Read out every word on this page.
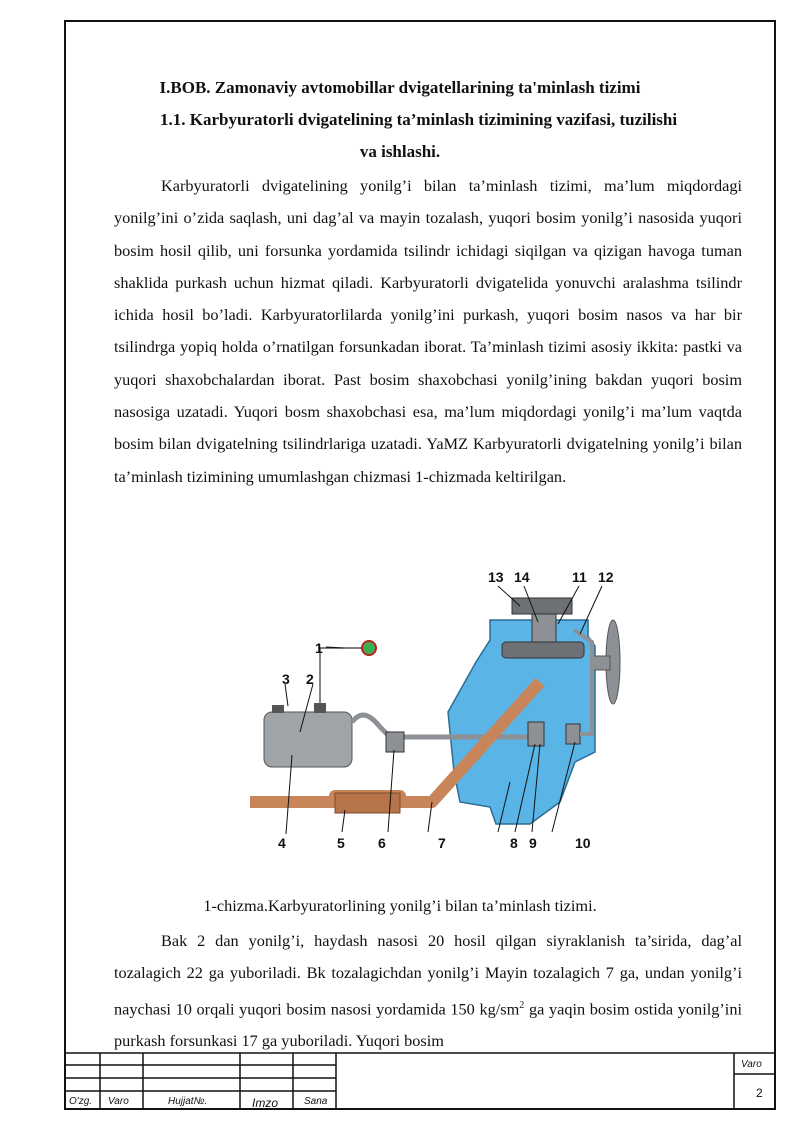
I.BOB. Zamonaviy avtomobillar dvigatellarining ta'minlash tizimi
1.1. Karbyuratorli dvigatelining ta’minlash tizimining vazifasi, tuzilishi
va ishlashi.

Karbyuratorli dvigatelining yonilg’i bilan ta’minlash tizimi, ma’lum miqdordagi yonilg’ini o’zida saqlash, uni dag’al va mayin tozalash, yuqori bosim yonilg’i nasosida yuqori bosim hosil qilib, uni forsunka yordamida tsilindr ichidagi siqilgan va qizigan havoga tuman shaklida purkash uchun hizmat qiladi. Karbyuratorli dvigatelida yonuvchi aralashma tsilindr ichida hosil bo’ladi. Karbyuratorlilarda yonilg’ini purkash, yuqori bosim nasos va har bir tsilindrga yopiq holda o’rnatilgan forsunkadan iborat. Ta’minlash tizimi asosiy ikkita: pastki va yuqori shaxobchalardan iborat. Past bosim shaxobchasi yonilg’ining bakdan yuqori bosim nasosiga uzatadi. Yuqori bosm shaxobchasi esa, ma’lum miqdordagi yonilg’i ma’lum vaqtda bosim bilan dvigatelning tsilindrlariga uzatadi. YaMZ Karbyuratorli dvigatelning yonilg’i bilan ta’minlash tizimining umumlashgan chizmasi 1-chizmada keltirilgan.

1
2
3
4	5 6	7	8 9	10
13 14	11 12
1-chizma.Karbyuratorlining yonilg’i bilan ta’minlash tizimi.

Bak 2 dan yonilg’i, haydash nasosi 20 hosil qilgan siyraklanish ta’sirida, dag’al tozalagich 22 ga yuboriladi. Bk tozalagichdan yonilg’i Mayin tozalagich 7 ga, undan yonilg’i naychasi 10 orqali yuqori bosim nasosi yordamida 150 $kg/sm^2$ ga yaqin bosim ostida yonilg’ini purkash forsunkasi 17 ga yuboriladi. Yuqori bosim

O'zg. Varo	Hujjat№.	Imzo	Sana
Varo
2
